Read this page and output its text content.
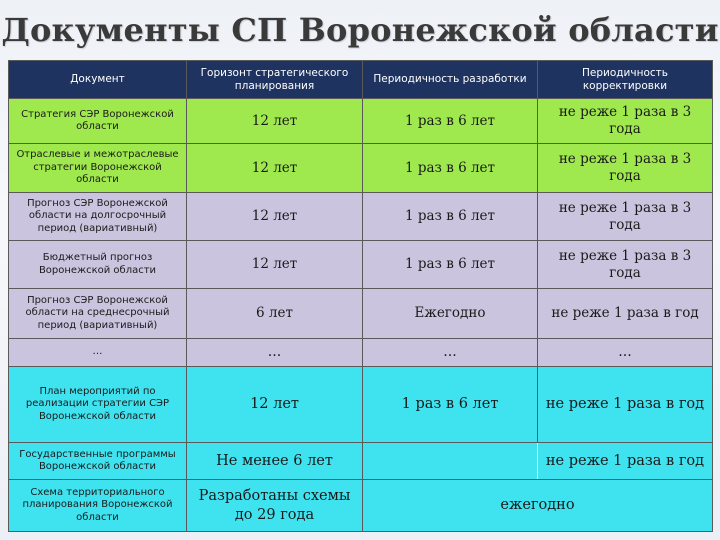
Документы СП Воронежской области
Документ	Горизонт стратегического планирования	Периодичность разработки	Периодичность корректировки
Стратегия СЭР Воронежской области	12 лет	1 раз в 6 лет	не реже 1 раза в 3 года
Отраслевые и межотраслевые стратегии Воронежской области	12 лет	1 раз в 6 лет	не реже 1 раза в 3 года
Прогноз СЭР Воронежской области на долгосрочный период (вариативный)	12 лет	1 раз в 6 лет	не реже 1 раза в 3 года
Бюджетный прогноз Воронежской области	12 лет	1 раз в 6 лет	не реже 1 раза в 3 года
Прогноз СЭР Воронежской области на среднесрочный период (вариативный)	6 лет	Ежегодно	не реже 1 раза в год
…	…	…	…
План мероприятий по реализации стратегии СЭР Воронежской области	12 лет	1 раз в 6 лет	не реже 1 раза в год
Государственные программы Воронежской области	Не менее 6 лет		не реже 1 раза в год
Схема территориального планирования Воронежской области	Разработаны схемы до 29 года	ежегодно	
